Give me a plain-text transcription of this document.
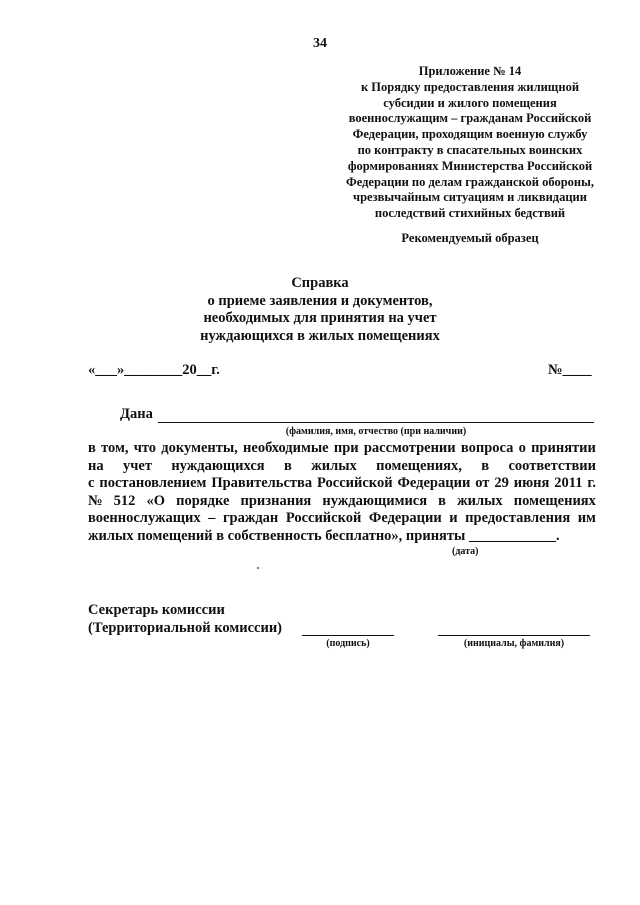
34
Приложение № 14
к Порядку предоставления жилищной
субсидии и жилого помещения
военнослужащим – гражданам Российской
Федерации, проходящим военную службу
по контракту в спасательных воинских
формированиях Министерства Российской
Федерации по делам гражданской обороны,
чрезвычайным ситуациям и ликвидации
последствий стихийных бедствий
Рекомендуемый образец
Справка
о приеме заявления и документов,
необходимых для принятия на учет
нуждающихся в жилых помещениях
«___»________20__г.	№____
Дана
(фамилия, имя, отчество (при наличии)
в том, что документы, необходимые при рассмотрении вопроса о принятии
на учет нуждающихся в жилых помещениях, в соответствии
с постановлением Правительства Российской Федерации от 29 июня 2011 г.
№ 512 «О порядке признания нуждающимися в жилых помещениях
военнослужащих – граждан Российской Федерации и предоставления им
жилых помещений в собственность бесплатно», приняты ____________.
(дата)
Секретарь комиссии
(Территориальной комиссии)
(подпись)	(инициалы, фамилия)
